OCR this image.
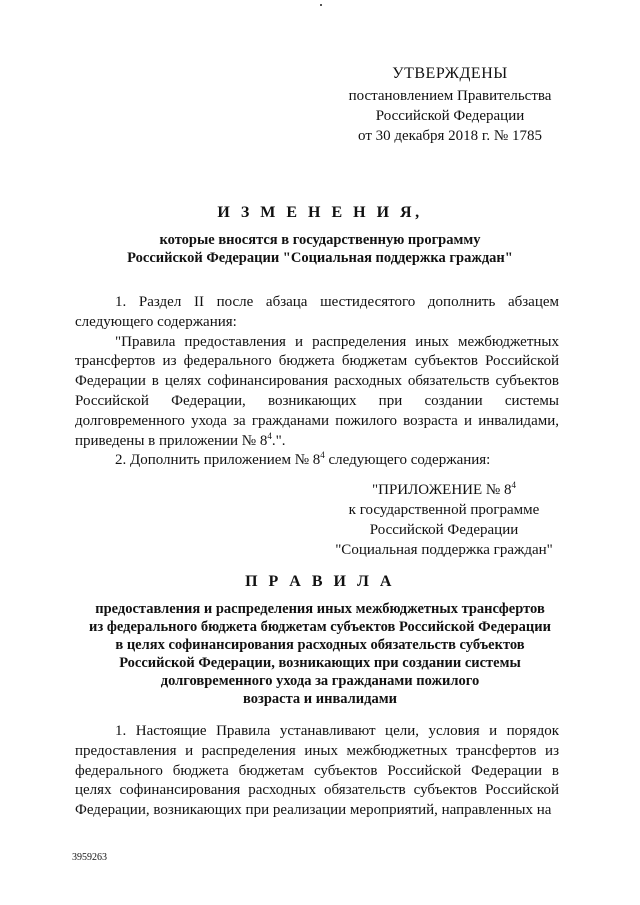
УТВЕРЖДЕНЫ
постановлением Правительства
Российской Федерации
от 30 декабря 2018 г. № 1785
И З М Е Н Е Н И Я,
которые вносятся в государственную программу
Российской Федерации "Социальная поддержка граждан"

1. Раздел II после абзаца шестидесятого дополнить абзацем следующего содержания:

"Правила предоставления и распределения иных межбюджетных трансфертов из федерального бюджета бюджетам субъектов Российской Федерации в целях софинансирования расходных обязательств субъектов Российской Федерации, возникающих при создании системы долговременного ухода за гражданами пожилого возраста и инвалидами, приведены в приложении № $8^4$.".

2. Дополнить приложением № $8^4$ следующего содержания:

"ПРИЛОЖЕНИЕ № $8^4$
к государственной программе
Российской Федерации
"Социальная поддержка граждан"
П Р А В И Л А
предоставления и распределения иных межбюджетных трансфертов
из федерального бюджета бюджетам субъектов Российской Федерации
в целях софинансирования расходных обязательств субъектов
Российской Федерации, возникающих при создании системы
долговременного ухода за гражданами пожилого
возраста и инвалидами

1. Настоящие Правила устанавливают цели, условия и порядок предоставления и распределения иных межбюджетных трансфертов из федерального бюджета бюджетам субъектов Российской Федерации в целях софинансирования расходных обязательств субъектов Российской Федерации, возникающих при реализации мероприятий, направленных на

3959263
